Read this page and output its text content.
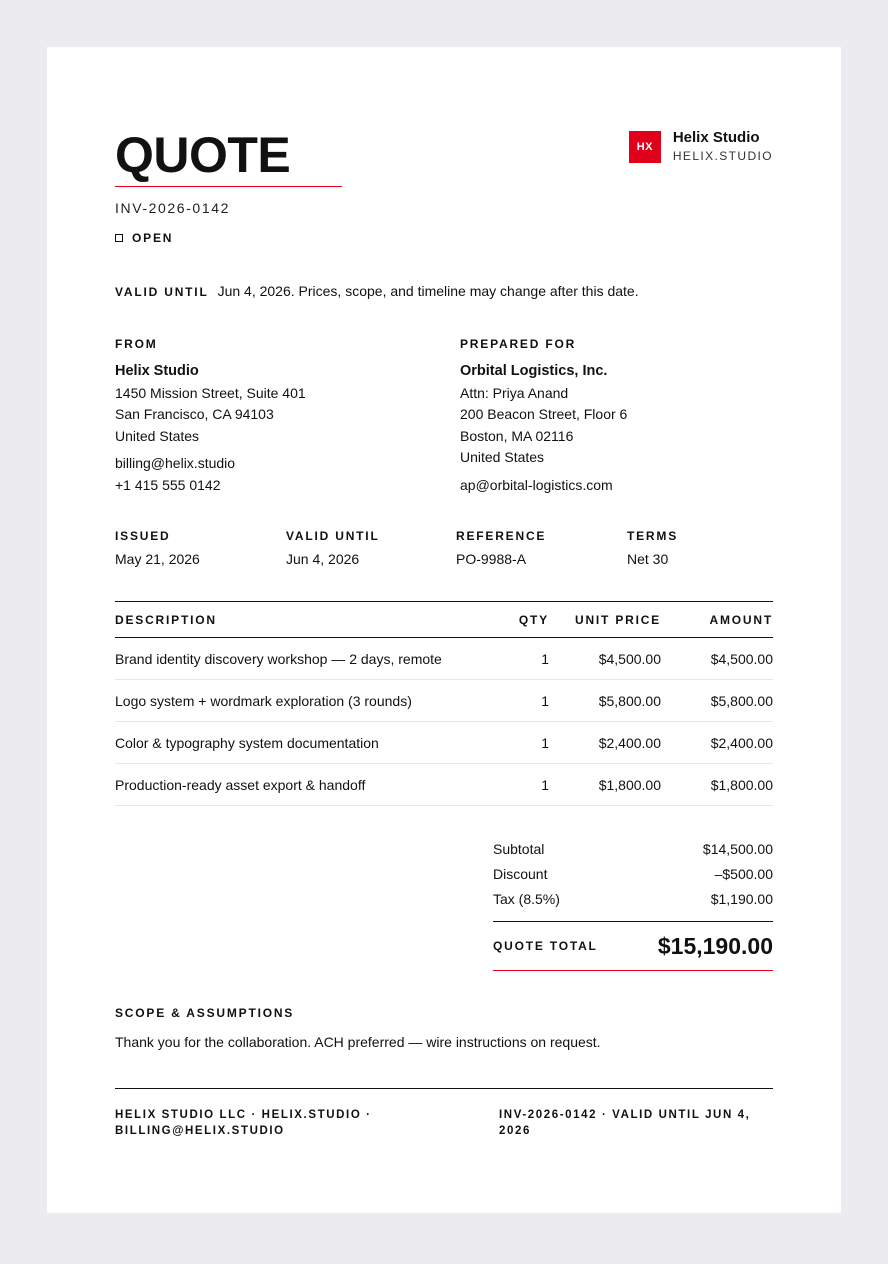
QUOTE
INV-2026-0142
OPEN
HX
Helix Studio
HELIX.STUDIO
VALID UNTIL Jun 4, 2026. Prices, scope, and timeline may change after this date.
FROM
Helix Studio
1450 Mission Street, Suite 401
San Francisco, CA 94103
United States
billing@helix.studio
+1 415 555 0142
PREPARED FOR
Orbital Logistics, Inc.
Attn: Priya Anand
200 Beacon Street, Floor 6
Boston, MA 02116
United States
ap@orbital-logistics.com
ISSUED
May 21, 2026
VALID UNTIL
Jun 4, 2026
REFERENCE
PO-9988-A
TERMS
Net 30
DESCRIPTION	QTY	UNIT PRICE	AMOUNT
Brand identity discovery workshop — 2 days, remote	1	$4,500.00	$4,500.00
Logo system + wordmark exploration (3 rounds)	1	$5,800.00	$5,800.00
Color & typography system documentation	1	$2,400.00	$2,400.00
Production-ready asset export & handoff	1	$1,800.00	$1,800.00
Subtotal	$14,500.00
Discount	–$500.00
Tax (8.5%)	$1,190.00
QUOTE TOTAL	$15,190.00
SCOPE & ASSUMPTIONS
Thank you for the collaboration. ACH preferred — wire instructions on request.
HELIX STUDIO LLC · HELIX.STUDIO · BILLING@HELIX.STUDIO
INV-2026-0142 · VALID UNTIL JUN 4, 2026
